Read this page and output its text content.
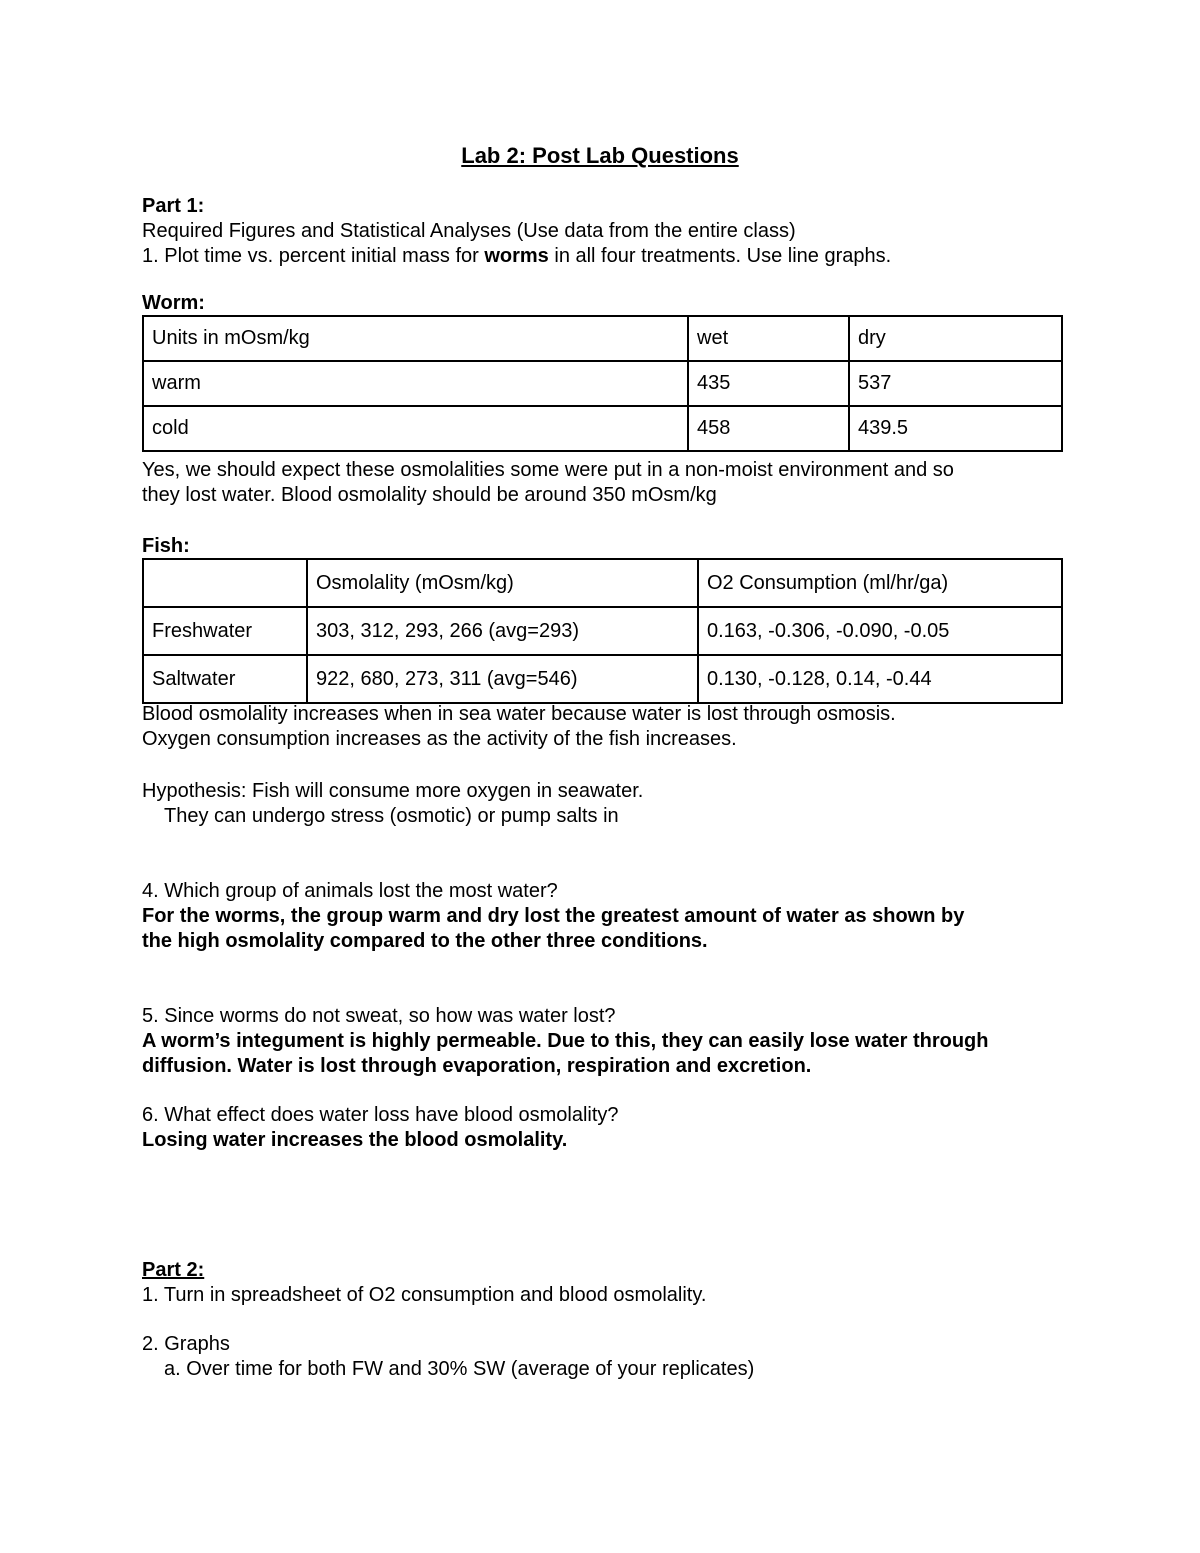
Lab 2: Post Lab Questions
Part 1:
Required Figures and Statistical Analyses (Use data from the entire class)
1. Plot time vs. percent initial mass for worms in all four treatments. Use line graphs.
Worm:
Units in mOsm/kg	wet	dry
warm	435	537
cold	458	439.5
Yes, we should expect these osmolalities some were put in a non-moist environment and so
they lost water. Blood osmolality should be around 350 mOsm/kg
Fish:
	Osmolality (mOsm/kg)	O2 Consumption (ml/hr/ga)
Freshwater	303, 312, 293, 266 (avg=293)	0.163, -0.306, -0.090, -0.05
Saltwater	922, 680, 273, 311 (avg=546)	0.130, -0.128, 0.14, -0.44
Blood osmolality increases when in sea water because water is lost through osmosis.
Oxygen consumption increases as the activity of the fish increases.
Hypothesis: Fish will consume more oxygen in seawater.
They can undergo stress (osmotic) or pump salts in
4. Which group of animals lost the most water?
For the worms, the group warm and dry lost the greatest amount of water as shown by
the high osmolality compared to the other three conditions.
5. Since worms do not sweat, so how was water lost?
A worm’s integument is highly permeable. Due to this, they can easily lose water through
diffusion. Water is lost through evaporation, respiration and excretion.
6. What effect does water loss have blood osmolality?
Losing water increases the blood osmolality.
Part 2:
1. Turn in spreadsheet of O2 consumption and blood osmolality.
2. Graphs
a. Over time for both FW and 30% SW (average of your replicates)
